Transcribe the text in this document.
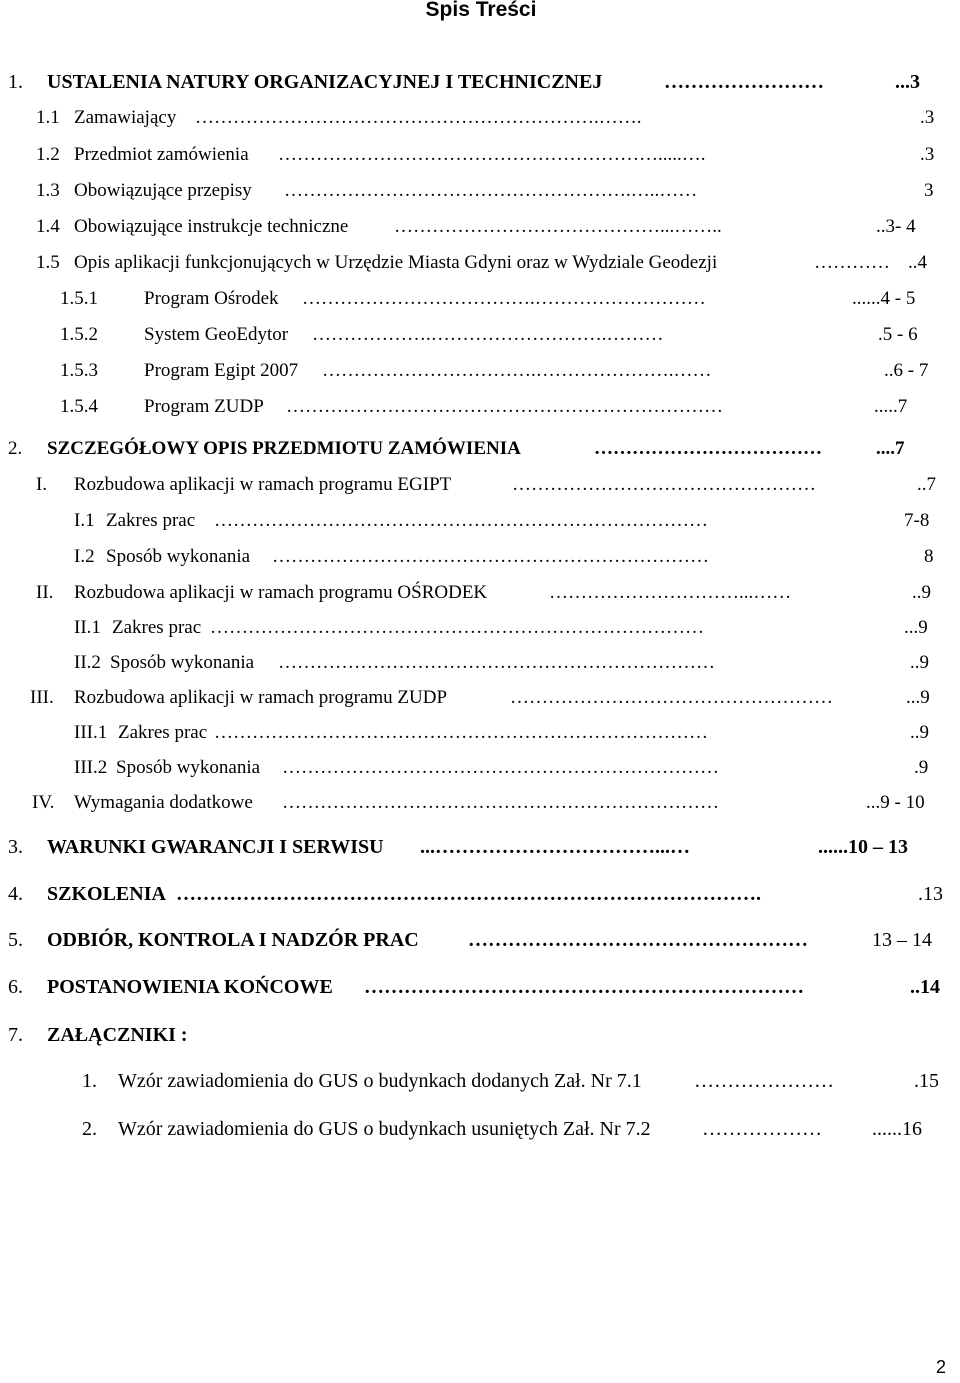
Spis Treści
1. USTALENIA NATURY ORGANIZACYJNEJ I TECHNICZNEJ	……………………	...3
1.1 Zamawiający ……………………………………………………….…….	.3
1.2 Przedmiot zamówienia …………………………………………………….....….	.3
1.3 Obowiązujące przepisy ……………………………………………….…..……	3
1.4 Obowiązujące instrukcje techniczne ……………………………………...……..	..3- 4
1.5 Opis aplikacji funkcjonujących w Urzędzie Miasta Gdyni oraz w Wydziale Geodezji	………… ..4
1.5.1 Program Ośrodek ……………………………….………………………	......4 - 5
1.5.2 System GeoEdytor ……………….……………………….………	.5 - 6
1.5.3 Program Egipt 2007 …………………………….………………….……	..6 - 7
1.5.4 Program ZUDP ……………………………………………………………	.....7
2. SZCZEGÓŁOWY OPIS PRZEDMIOTU ZAMÓWIENIA	………………………………	....7
I. Rozbudowa aplikacji w ramach programu EGIPT	…………………………………………	..7
I.1 Zakres prac ……………………………………………………………………	7-8
I.2 Sposób wykonania ……………………………………………………………	8
II. Rozbudowa aplikacji w ramach programu OŚRODEK	…………………………...……	..9
II.1 Zakres prac ……………………………………………………………………	...9
II.2 Sposób wykonania ……………………………………………………………	..9
III. Rozbudowa aplikacji w ramach programu ZUDP	……………………………………………	...9
III.1 Zakres prac ……………………………………………………………………	..9
III.2 Sposób wykonania ……………………………………………………………	.9
IV. Wymagania dodatkowe ……………………………………………………………	...9 - 10
3. WARUNKI GWARANCJI I SERWISU ...……………………………...…	......10 – 13
4. SZKOLENIA …………………………………………………………………………….	.13
5. ODBIÓR, KONTROLA I NADZÓR PRAC ……………………………………………	13 – 14
6. POSTANOWIENIA KOŃCOWE …………………………………………………………	..14
7. ZAŁĄCZNIKI :
1. Wzór zawiadomienia do GUS o budynkach dodanych Zał. Nr 7.1	…………………	.15
2. Wzór zawiadomienia do GUS o budynkach usuniętych Zał. Nr 7.2	………………	......16
2
